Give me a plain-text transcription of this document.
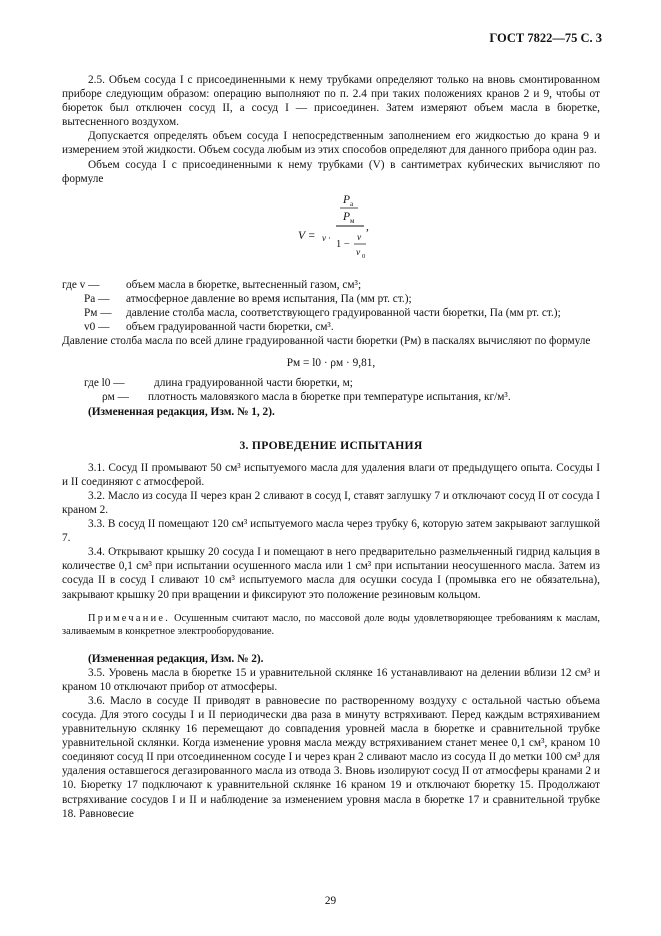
ГОСТ 7822—75 С. 3

2.5. Объем сосуда I с присоединенными к нему трубками определяют только на вновь смонтированном приборе следующим образом: операцию выполняют по п. 2.4 при таких положениях кранов 2 и 9, чтобы от бюреток был отключен сосуд II, а сосуд I — присоединен. Затем измеряют объем масла в бюретке, вытесненного воздухом.

Допускается определять объем сосуда I непосредственным заполнением его жидкостью до крана 9 и измерением этой жидкости. Объем сосуда любым из этих способов определяют для данного прибора один раз.

Объем сосуда I с присоединенными к нему трубками (V) в сантиметрах кубических вычисляют по формуле

V = v ·
P а
P м
1 −
v
v 0
,
где v —	объем масла в бюретке, вытесненный газом, см³;
Pа —	атмосферное давление во время испытания, Па (мм рт. ст.);
Pм —	давление столба масла, соответствующего градуированной части бюретки, Па (мм рт. ст.);
v0 —	объем градуированной части бюретки, см³.

Давление столба масла по всей длине градуированной части бюретки (Pм) в паскалях вычисляют по формуле

Pм = l0 · ρм · 9,81,
где l0 —	длина градуированной части бюретки, м;
ρм —	плотность маловязкого масла в бюретке при температуре испытания, кг/м³.

(Измененная редакция, Изм. № 1, 2).

3. ПРОВЕДЕНИЕ ИСПЫТАНИЯ

3.1. Сосуд II промывают 50 см³ испытуемого масла для удаления влаги от предыдущего опыта. Сосуды I и II соединяют с атмосферой.

3.2. Масло из сосуда II через кран 2 сливают в сосуд I, ставят заглушку 7 и отключают сосуд II от сосуда I краном 2.

3.3. В сосуд II помещают 120 см³ испытуемого масла через трубку 6, которую затем закрывают заглушкой 7.

3.4. Открывают крышку 20 сосуда I и помещают в него предварительно размельченный гидрид кальция в количестве 0,1 см³ при испытании осушенного масла или 1 см³ при испытании неосушенного масла. Затем из сосуда II в сосуд I сливают 10 см³ испытуемого масла для осушки сосуда I (промывка его не обязательна), закрывают крышку 20 при вращении и фиксируют это положение резиновым кольцом.

Примечание. Осушенным считают масло, по массовой доле воды удовлетворяющее требованиям к маслам, заливаемым в конкретное электрооборудование.

(Измененная редакция, Изм. № 2).

3.5. Уровень масла в бюретке 15 и уравнительной склянке 16 устанавливают на делении вблизи 12 см³ и краном 10 отключают прибор от атмосферы.

3.6. Масло в сосуде II приводят в равновесие по растворенному воздуху с остальной частью объема сосуда. Для этого сосуды I и II периодически два раза в минуту встряхивают. Перед каждым встряхиванием уравнительную склянку 16 перемещают до совпадения уровней масла в бюретке и сравнительной трубке уравнительной склянки. Когда изменение уровня масла между встряхиванием станет менее 0,1 см³, краном 10 соединяют сосуд II при отсоединенном сосуде I и через кран 2 сливают масло из сосуда II до метки 100 см³ для удаления оставшегося дегазированного масла из отвода 3. Вновь изолируют сосуд II от атмосферы кранами 2 и 10. Бюретку 17 подключают к уравнительной склянке 16 краном 19 и отключают бюретку 15. Продолжают встряхивание сосудов I и II и наблюдение за изменением уровня масла в бюретке 17 и сравнительной трубке 18. Равновесие

29
